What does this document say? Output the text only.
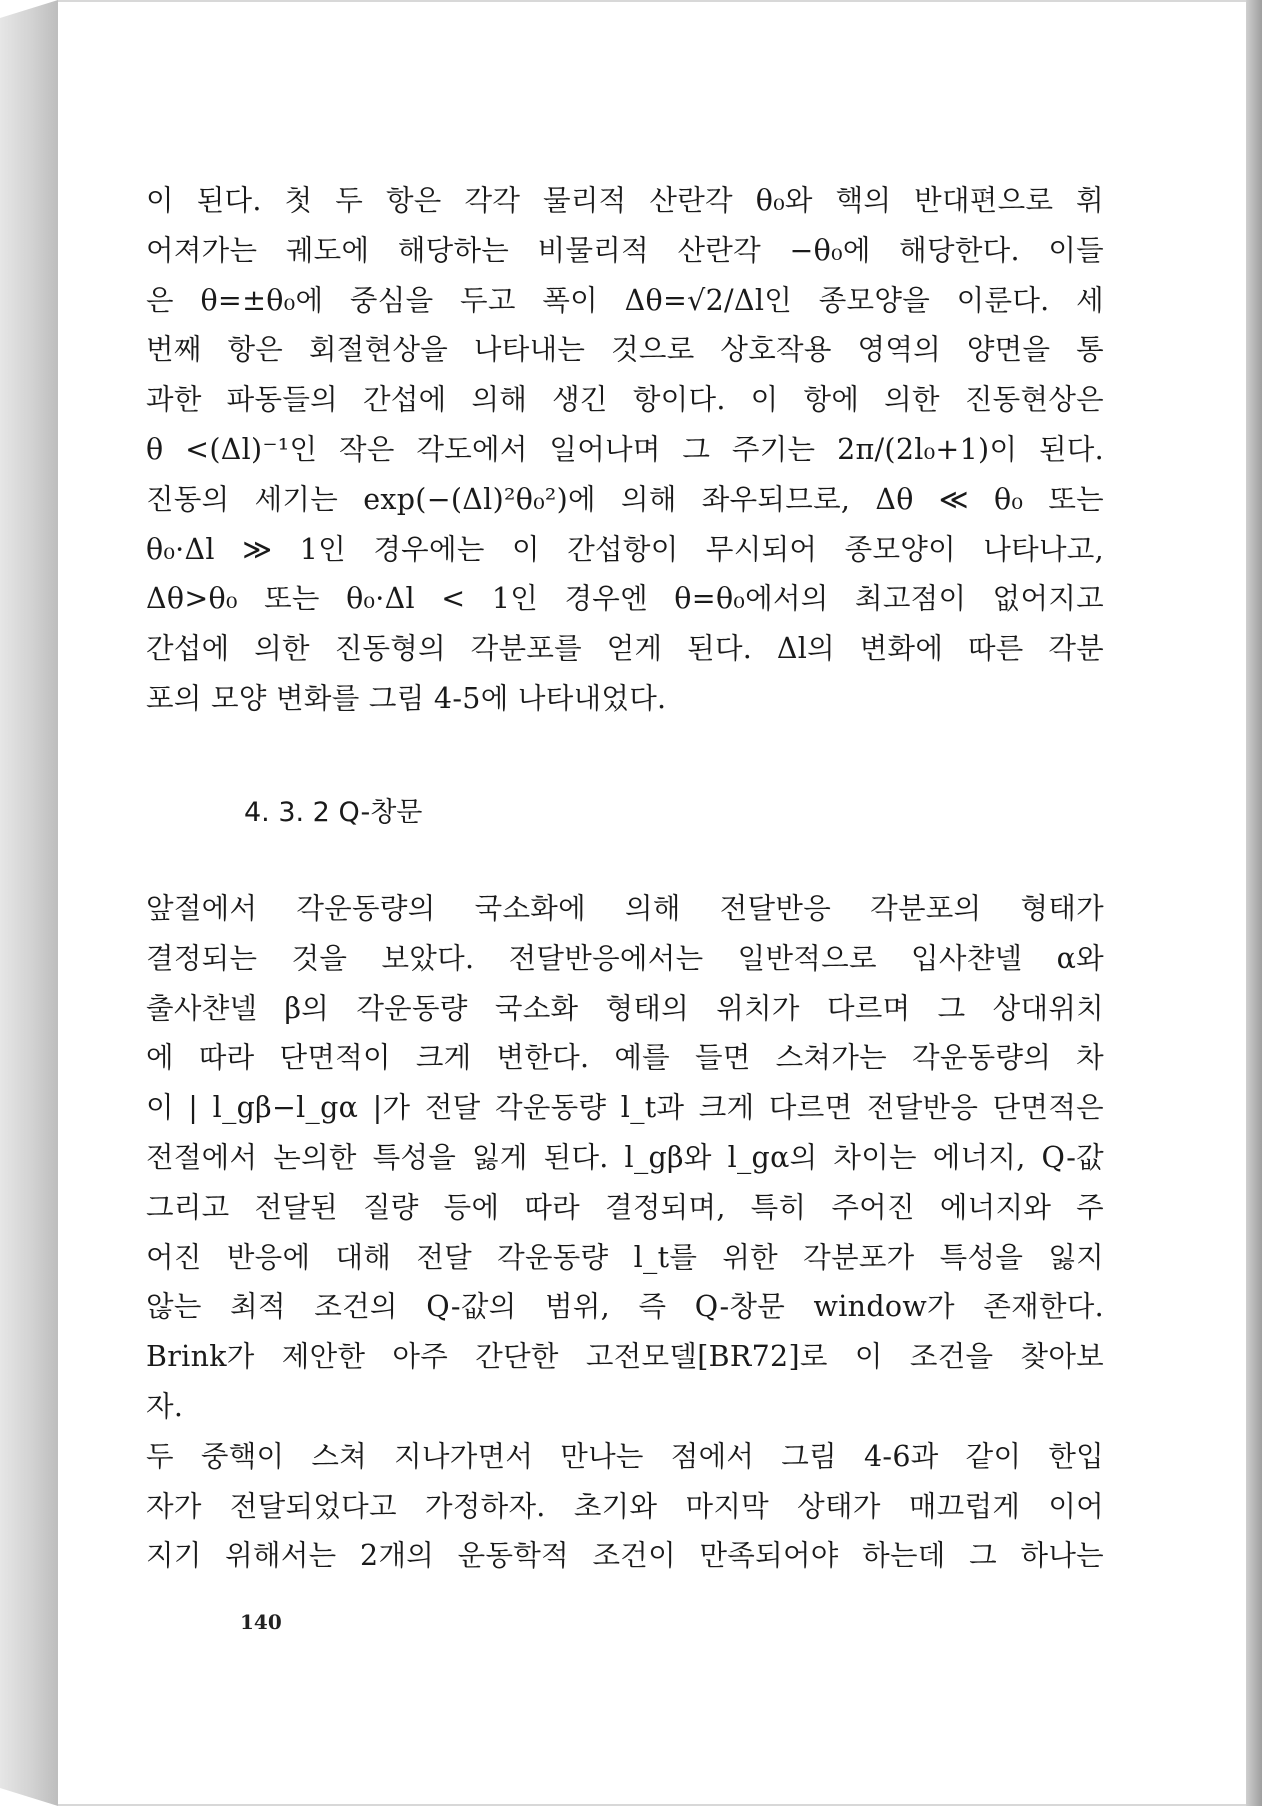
이 된다. 첫 두 항은 각각 물리적 산란각 θ₀와 핵의 반대편으로 휘

어져가는 궤도에 해당하는 비물리적 산란각 −θ₀에 해당한다. 이들

은 θ=±θ₀에 중심을 두고 폭이 Δθ=√2/Δl인 종모양을 이룬다. 세

번째 항은 회절현상을 나타내는 것으로 상호작용 영역의 양면을 통

과한 파동들의 간섭에 의해 생긴 항이다. 이 항에 의한 진동현상은

θ <(Δl)⁻¹인 작은 각도에서 일어나며 그 주기는 2π/(2l₀+1)이 된다.

진동의 세기는 exp(−(Δl)²θ₀²)에 의해 좌우되므로, Δθ ≪ θ₀ 또는

θ₀·Δl ≫ 1인 경우에는 이 간섭항이 무시되어 종모양이 나타나고,

Δθ>θ₀ 또는 θ₀·Δl < 1인 경우엔 θ=θ₀에서의 최고점이 없어지고

간섭에 의한 진동형의 각분포를 얻게 된다. Δl의 변화에 따른 각분

포의 모양 변화를 그림 4-5에 나타내었다.

4. 3. 2 Q-창문

앞절에서 각운동량의 국소화에 의해 전달반응 각분포의 형태가

결정되는 것을 보았다. 전달반응에서는 일반적으로 입사챤넬 α와

출사챤넬 β의 각운동량 국소화 형태의 위치가 다르며 그 상대위치

에 따라 단면적이 크게 변한다. 예를 들면 스쳐가는 각운동량의 차

이 | l_gβ−l_gα |가 전달 각운동량 l_t과 크게 다르면 전달반응 단면적은

전절에서 논의한 특성을 잃게 된다. l_gβ와 l_gα의 차이는 에너지, Q-값

그리고 전달된 질량 등에 따라 결정되며, 특히 주어진 에너지와 주

어진 반응에 대해 전달 각운동량 l_t를 위한 각분포가 특성을 잃지

않는 최적 조건의 Q-값의 범위, 즉 Q-창문 window가 존재한다.

Brink가 제안한 아주 간단한 고전모델[BR72]로 이 조건을 찾아보

자.

두 중핵이 스쳐 지나가면서 만나는 점에서 그림 4-6과 같이 한입

자가 전달되었다고 가정하자. 초기와 마지막 상태가 매끄럽게 이어

지기 위해서는 2개의 운동학적 조건이 만족되어야 하는데 그 하나는

140
